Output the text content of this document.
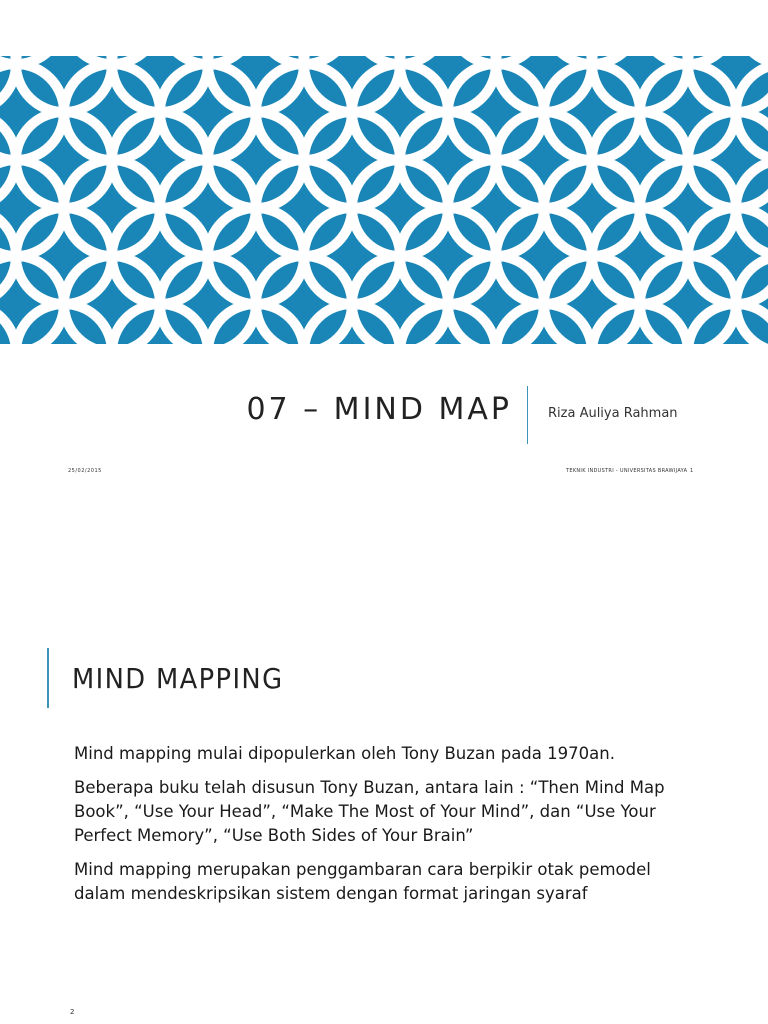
07 – MIND MAP	Riza Auliya Rahman
25/02/2015	TEKNIK INDUSTRI - UNIVERSITAS BRAWIJAYA 1
MIND MAPPING

Mind mapping mulai dipopulerkan oleh Tony Buzan pada 1970an.

Beberapa buku telah disusun Tony Buzan, antara lain : “Then Mind Map Book”, “Use Your Head”, “Make The Most of Your Mind”, dan “Use Your Perfect Memory”, “Use Both Sides of Your Brain”

Mind mapping merupakan penggambaran cara berpikir otak pemodel dalam mendeskripsikan sistem dengan format jaringan syaraf

2
